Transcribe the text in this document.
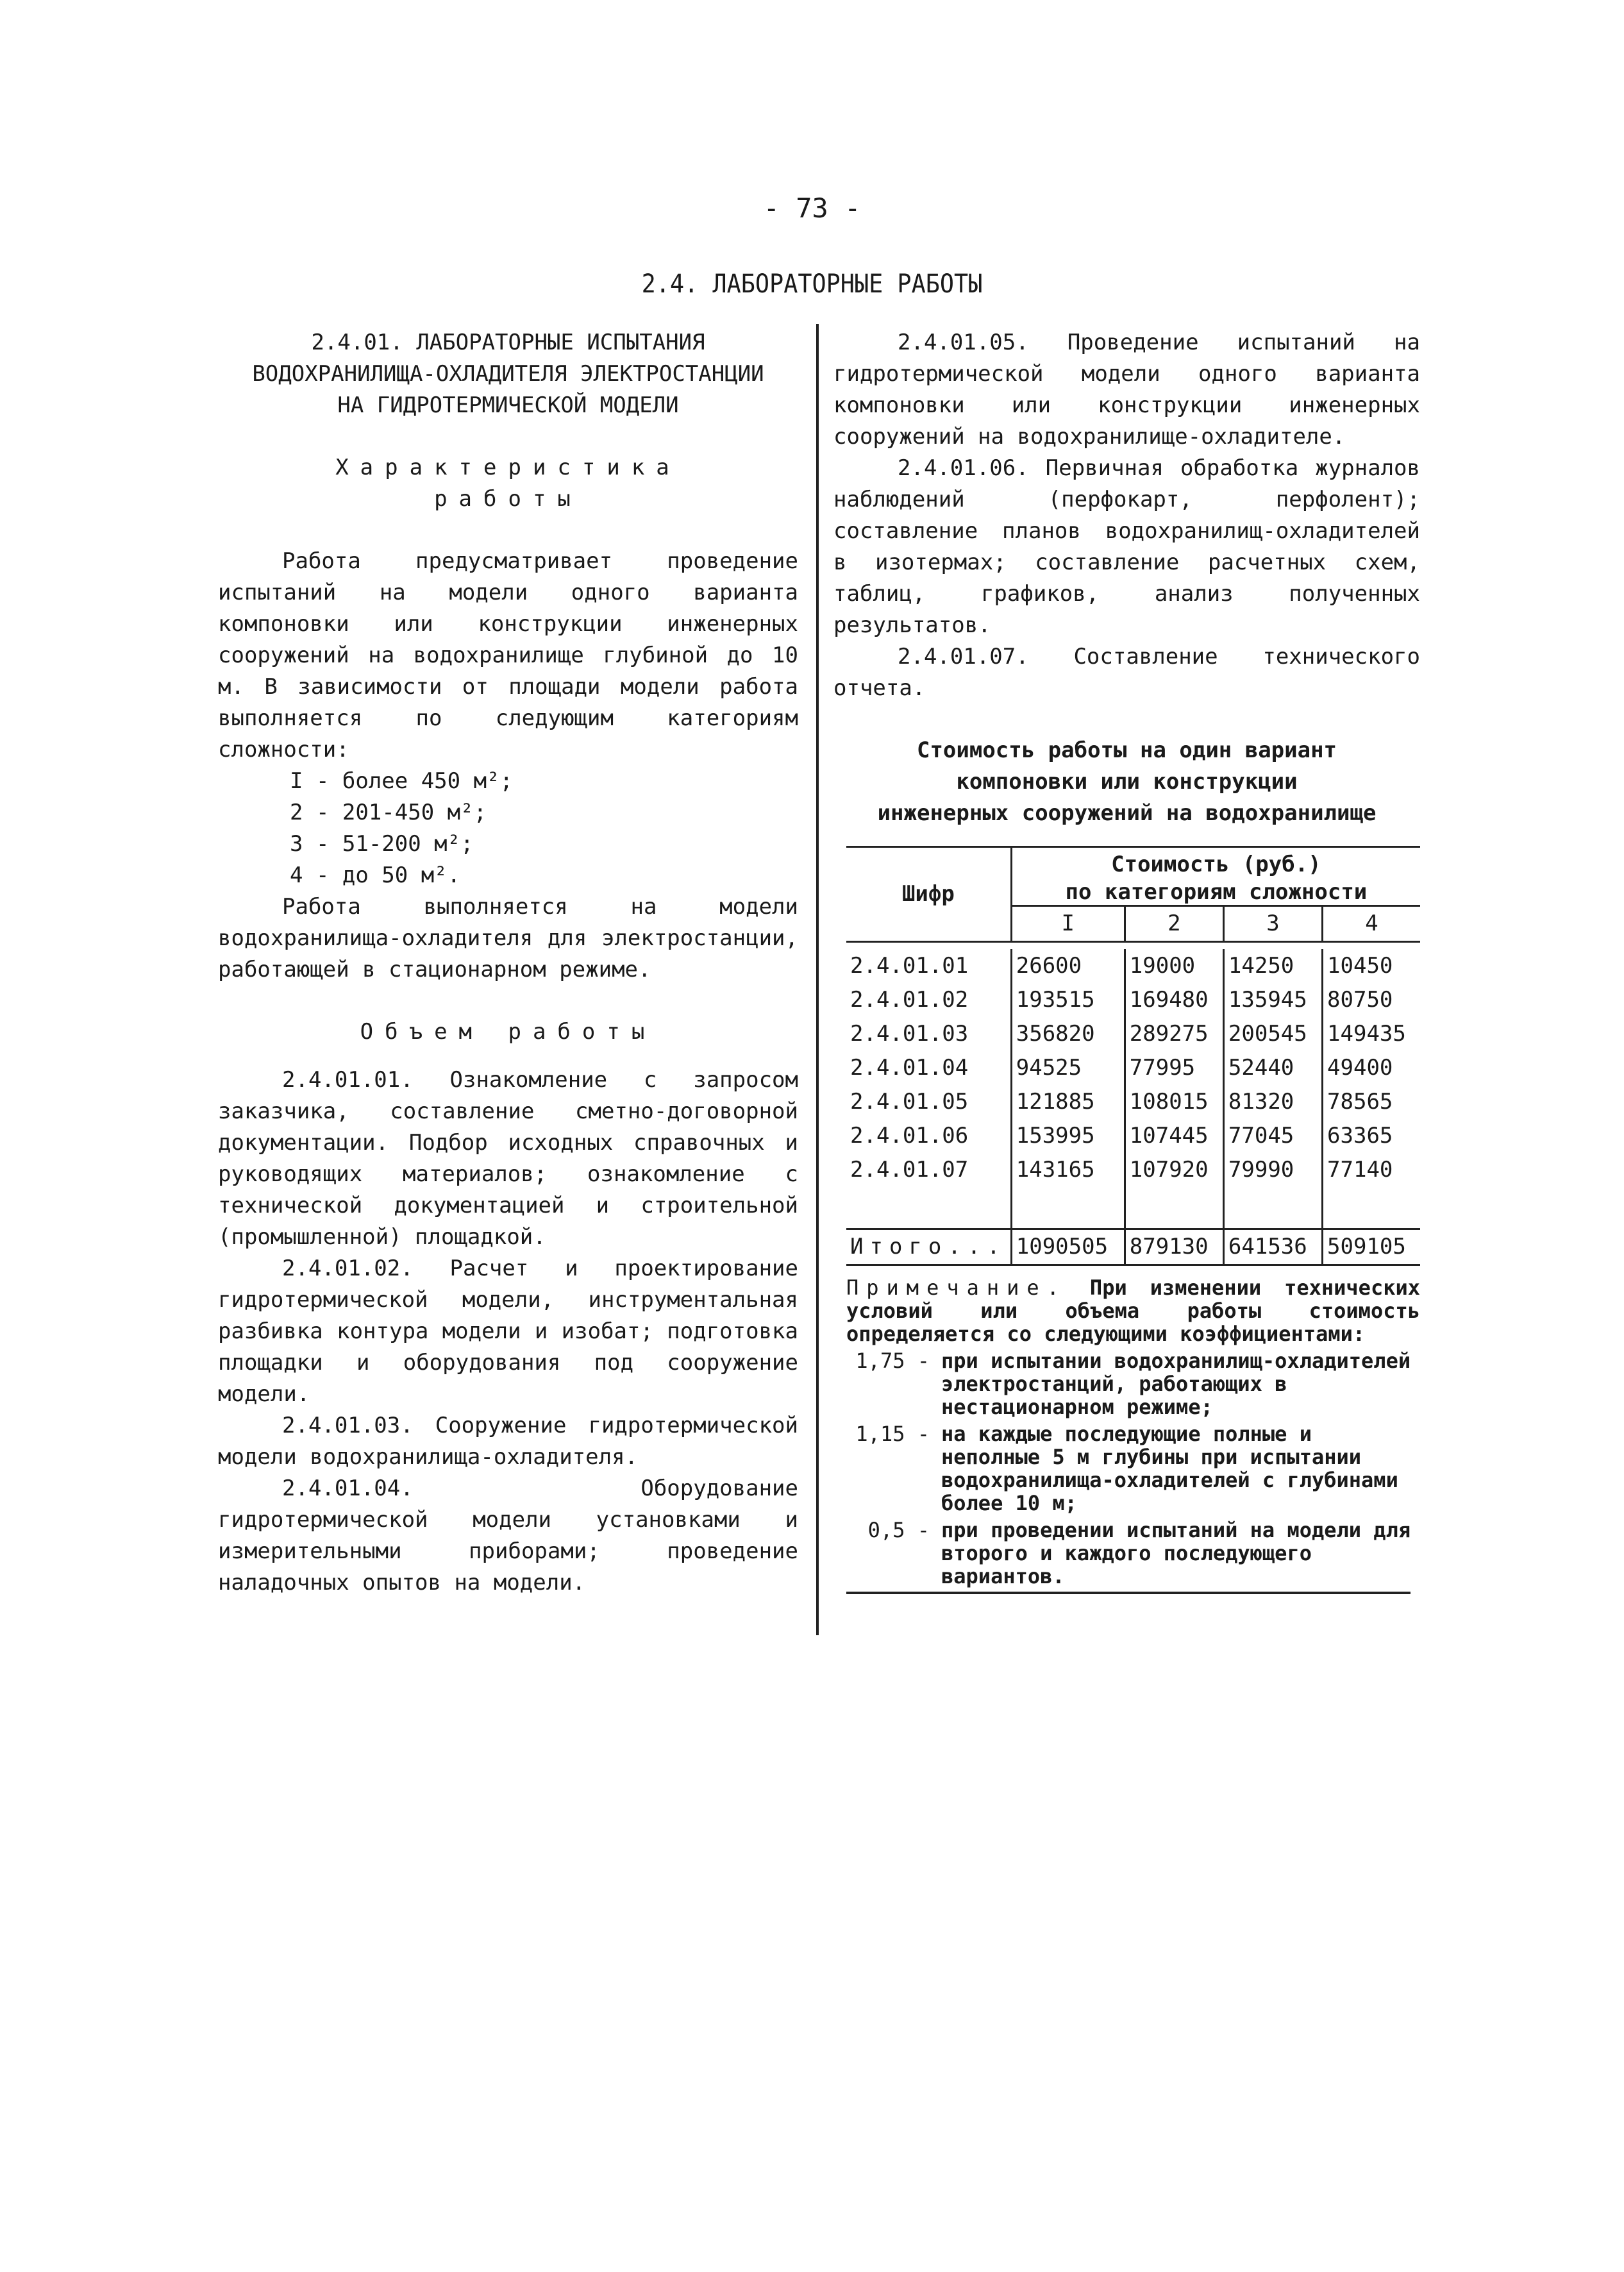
- 73 -
2.4. ЛАБОРАТОРНЫЕ РАБОТЫ
2.4.01. ЛАБОРАТОРНЫЕ ИСПЫТАНИЯ
ВОДОХРАНИЛИЩА-ОХЛАДИТЕЛЯ ЭЛЕКТРОСТАНЦИИ
НА ГИДРОТЕРМИЧЕСКОЙ МОДЕЛИ
Характеристика
работы

Работа предусматривает проведение испытаний на модели одного варианта компоновки или конструкции инженерных сооружений на водохранилище глубиной до 10 м. В зависимости от площади модели работа выполняется по следующим категориям сложности:

I - более 450 м²;
2 - 201-450 м²;
3 - 51-200 м²;
4 - до 50 м².

Работа выполняется на модели водохранилища-охладителя для электростанции, работающей в стационарном режиме.

Объем работы

2.4.01.01. Ознакомление с запросом заказчика, составление сметно-договорной документации. Подбор исходных справочных и руководящих материалов; ознакомление с технической документацией и строительной (промышленной) площадкой.

2.4.01.02. Расчет и проектирование гидротермической модели, инструментальная разбивка контура модели и изобат; подготовка площадки и оборудования под сооружение модели.

2.4.01.03. Сооружение гидротермической модели водохранилища-охладителя.

2.4.01.04. Оборудование гидротермической модели установками и измерительными приборами; проведение наладочных опытов на модели.

2.4.01.05. Проведение испытаний на гидротермической модели одного варианта компоновки или конструкции инженерных сооружений на водохранилище-охладителе.

2.4.01.06. Первичная обработка журналов наблюдений (перфокарт, перфолент); составление планов водохранилищ-охладителей в изотермах; составление расчетных схем, таблиц, графиков, анализ полученных результатов.

2.4.01.07. Составление технического отчета.

Стоимость работы на один вариант
компоновки или конструкции
инженерных сооружений на водохранилище
Шифр	Стоимость (руб.)
по категориям сложности			

	I	2	3	4

2.4.01.01	26600	19000	14250	10450
2.4.01.02	193515	169480	135945	80750
2.4.01.03	356820	289275	200545	149435
2.4.01.04	94525	77995	52440	49400
2.4.01.05	121885	108015	81320	78565
2.4.01.06	153995	107445	77045	63365
2.4.01.07	143165	107920	79990	77140

Итого...	1090505	879130	641536	509105

Примечание. При изменении технических условий или объема работы стоимость определяется со следующими коэффициентами:

1,75 - при испытании водохранилищ-охладителей электростанций, работающих в нестационарном режиме;
1,15 - на каждые последующие полные и неполные 5 м глубины при испытании водохранилища-охладителей с глубинами более 10 м;
0,5 - при проведении испытаний на модели для второго и каждого последующего вариантов.
